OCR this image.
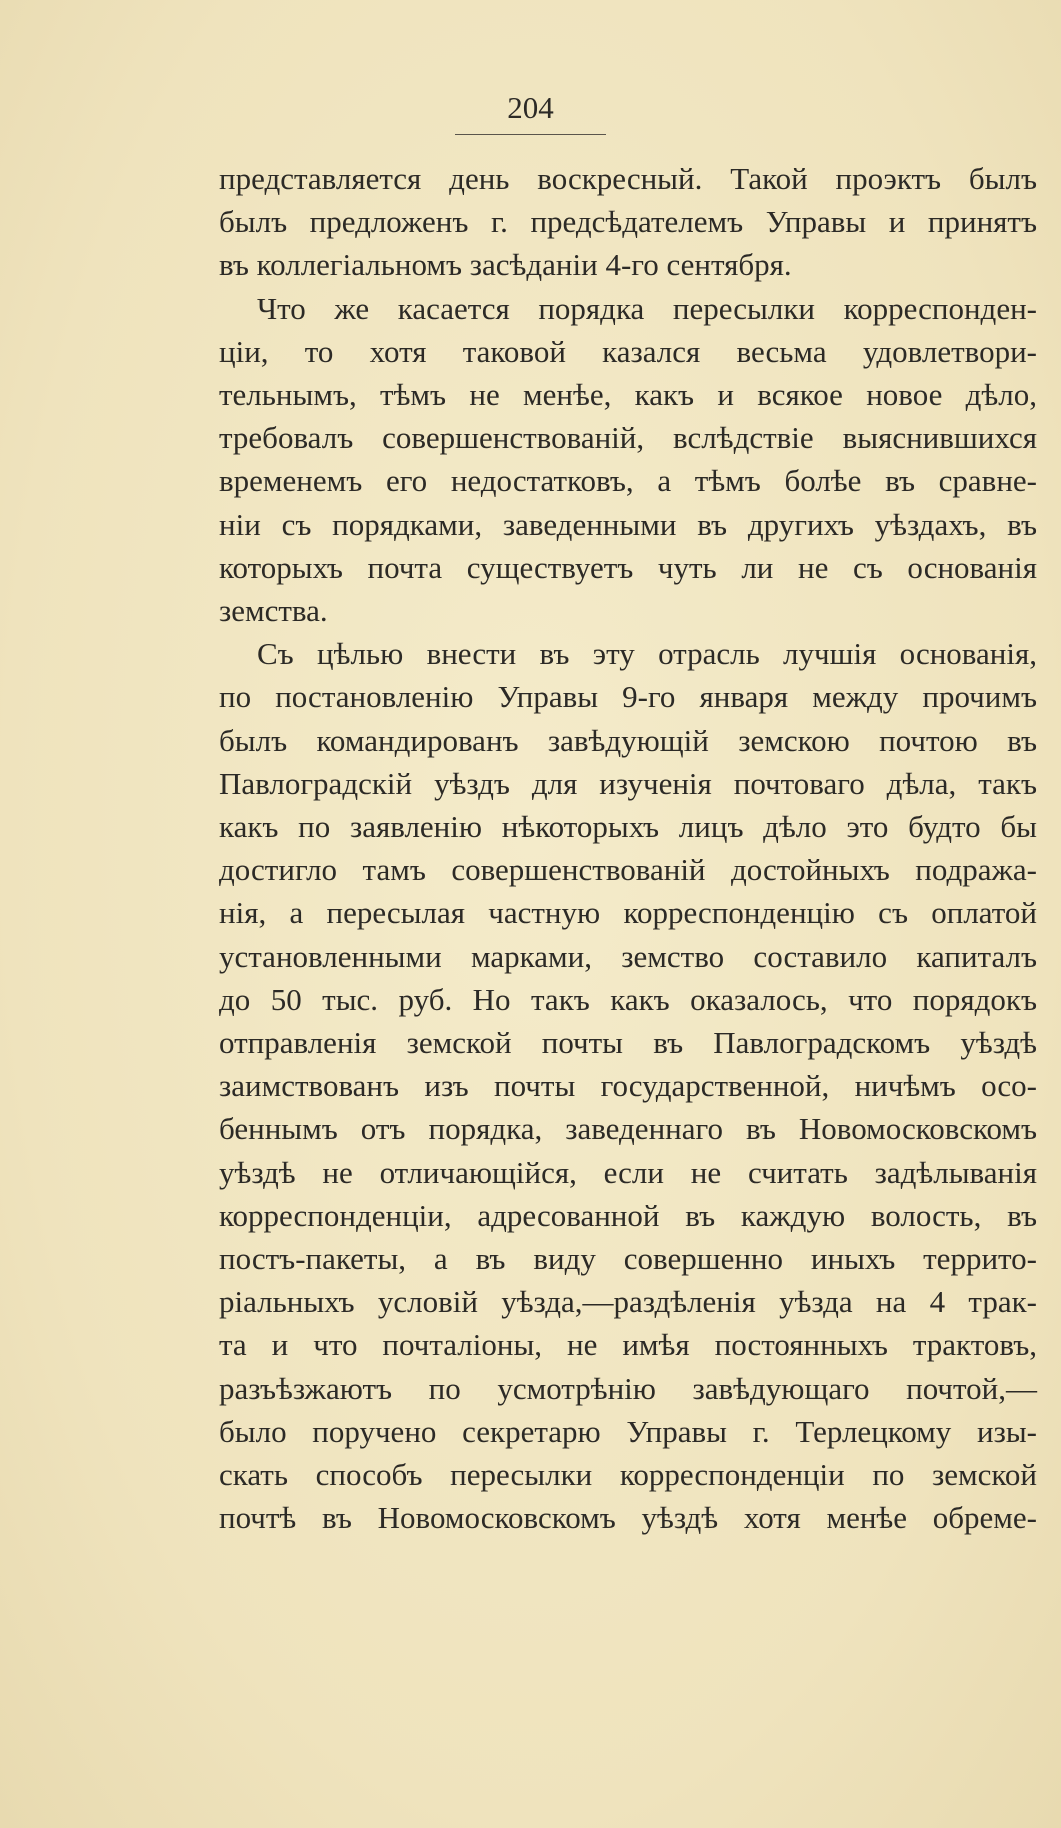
204
представляется день воскресный. Такой проэктъ былъ
былъ предложенъ г. предсѣдателемъ Управы и принятъ
въ коллегіальномъ засѣданіи 4-го сентября.
Что же касается порядка пересылки корреспонден-
ціи, то хотя таковой казался весьма удовлетвори-
тельнымъ, тѣмъ не менѣе, какъ и всякое новое дѣло,
требовалъ совершенствованій, вслѣдствіе выяснившихся
временемъ его недостатковъ, а тѣмъ болѣе въ сравне-
ніи съ порядками, заведенными въ другихъ уѣздахъ, въ
которыхъ почта существуетъ чуть ли не съ основанія
земства.
Съ цѣлью внести въ эту отрасль лучшія основанія,
по постановленію Управы 9-го января между прочимъ
былъ командированъ завѣдующій земскою почтою въ
Павлоградскій уѣздъ для изученія почтоваго дѣла, такъ
какъ по заявленію нѣкоторыхъ лицъ дѣло это будто бы
достигло тамъ совершенствованій достойныхъ подража-
нія, а пересылая частную корреспонденцію съ оплатой
установленными марками, земство составило капиталъ
до 50 тыс. руб. Но такъ какъ оказалось, что порядокъ
отправленія земской почты въ Павлоградскомъ уѣздѣ
заимствованъ изъ почты государственной, ничѣмъ осо-
беннымъ отъ порядка, заведеннаго въ Новомосковскомъ
уѣздѣ не отличающійся, если не считать задѣлыванія
корреспонденціи, адресованной въ каждую волость, въ
постъ-пакеты, а въ виду совершенно иныхъ террито-
ріальныхъ условій уѣзда,—раздѣленія уѣзда на 4 трак-
та и что почталіоны, не имѣя постоянныхъ трактовъ,
разъѣзжаютъ по усмотрѣнію завѣдующаго почтой,—
было поручено секретарю Управы г. Терлецкому изы-
скать способъ пересылки корреспонденціи по земской
почтѣ въ Новомосковскомъ уѣздѣ хотя менѣе обреме-
